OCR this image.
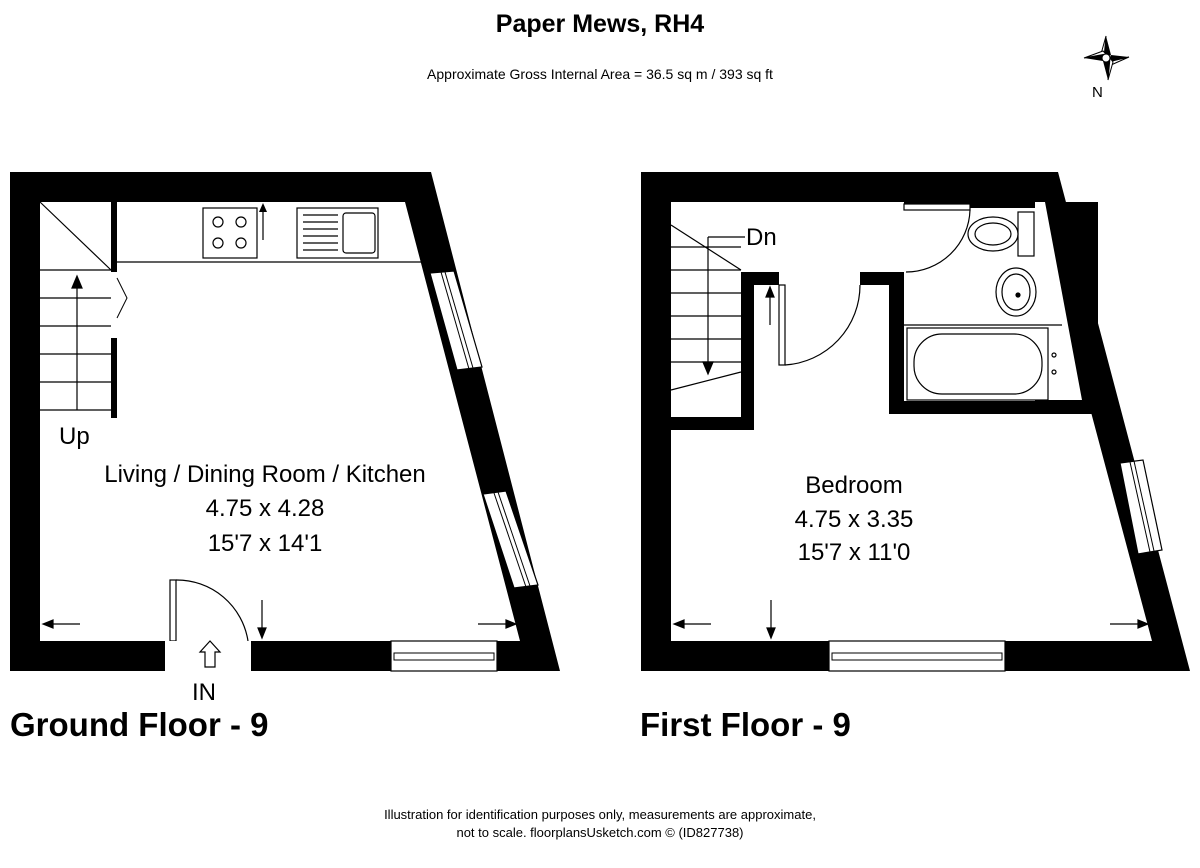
Paper Mews, RH4
Approximate Gross Internal Area = 36.5 sq m / 393 sq ft
N
Up
Living / Dining Room / Kitchen
4.75 x 4.28
15'7 x 14'1
IN
Dn
Bedroom
4.75 x 3.35
15'7 x 11'0
Ground Floor - 9	First Floor - 9
Illustration for identification purposes only, measurements are approximate,
not to scale. floorplansUsketch.com © (ID827738)
